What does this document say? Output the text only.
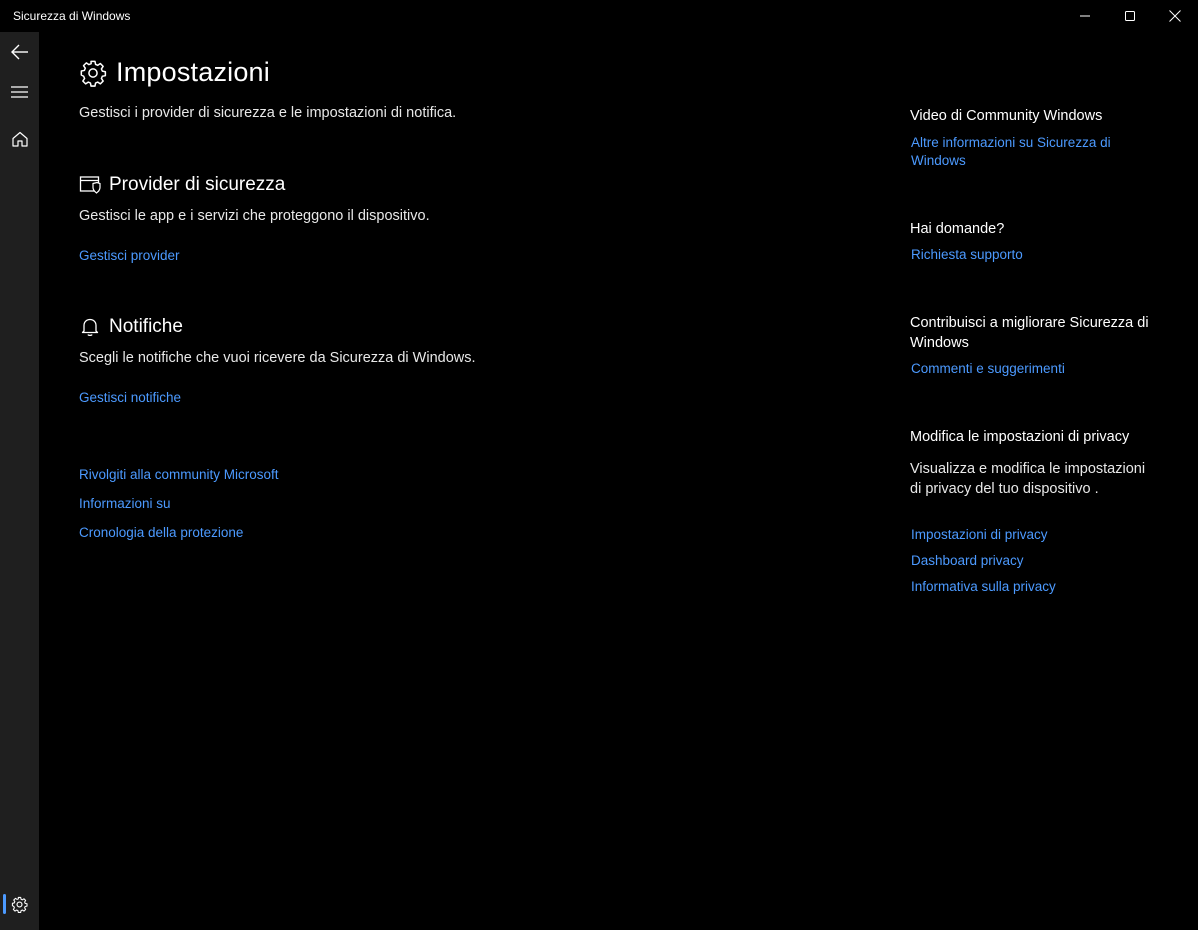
Sicurezza di Windows
Impostazioni
Gestisci i provider di sicurezza e le impostazioni di notifica.
Provider di sicurezza
Gestisci le app e i servizi che proteggono il dispositivo.
Gestisci provider
Notifiche
Scegli le notifiche che vuoi ricevere da Sicurezza di Windows.
Gestisci notifiche
Rivolgiti alla community Microsoft
Informazioni su
Cronologia della protezione
Video di Community Windows
Altre informazioni su Sicurezza di Windows
Hai domande?
Richiesta supporto
Contribuisci a migliorare Sicurezza di Windows
Commenti e suggerimenti
Modifica le impostazioni di privacy
Visualizza e modifica le impostazioni di privacy del tuo dispositivo .
Impostazioni di privacy
Dashboard privacy
Informativa sulla privacy
